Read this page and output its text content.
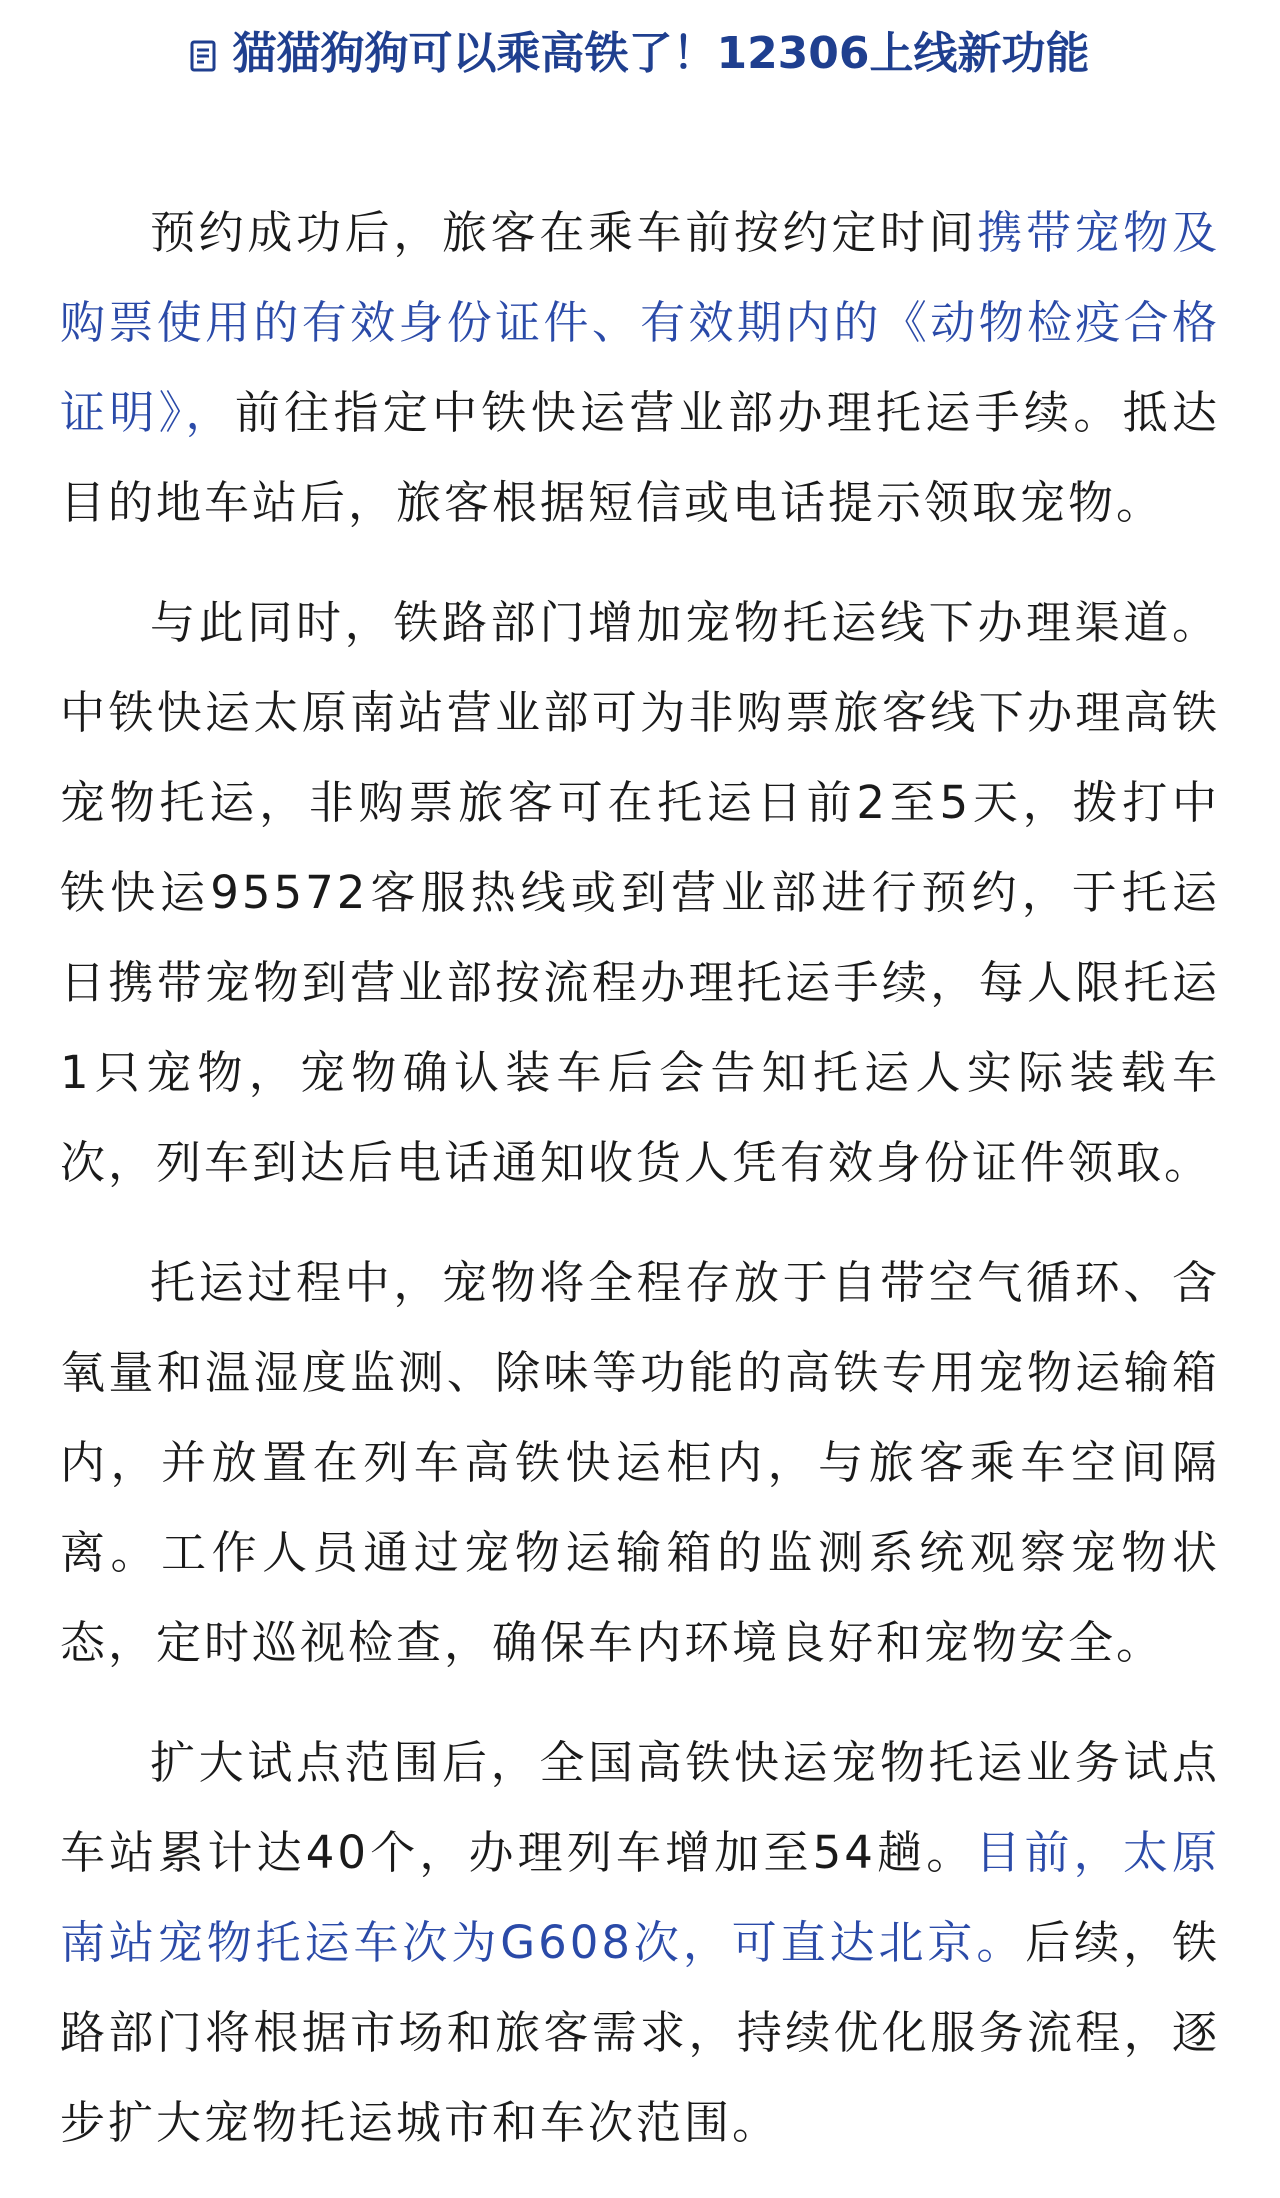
猫猫狗狗可以乘高铁了！12306上线新功能

预约成功后，旅客在乘车前按约定时间携带宠物及购票使用的有效身份证件、有效期内的《动物检疫合格证明》，前往指定中铁快运营业部办理托运手续。抵达目的地车站后，旅客根据短信或电话提示领取宠物。

与此同时，铁路部门增加宠物托运线下办理渠道。中铁快运太原南站营业部可为非购票旅客线下办理高铁宠物托运，非购票旅客可在托运日前2至5天，拨打中铁快运95572客服热线或到营业部进行预约，于托运日携带宠物到营业部按流程办理托运手续，每人限托运1只宠物，宠物确认装车后会告知托运人实际装载车次，列车到达后电话通知收货人凭有效身份证件领取。

托运过程中，宠物将全程存放于自带空气循环、含氧量和温湿度监测、除味等功能的高铁专用宠物运输箱内，并放置在列车高铁快运柜内，与旅客乘车空间隔离。工作人员通过宠物运输箱的监测系统观察宠物状态，定时巡视检查，确保车内环境良好和宠物安全。

扩大试点范围后，全国高铁快运宠物托运业务试点车站累计达40个，办理列车增加至54趟。目前，太原南站宠物托运车次为G608次，可直达北京。后续，铁路部门将根据市场和旅客需求，持续优化服务流程，逐步扩大宠物托运城市和车次范围。
